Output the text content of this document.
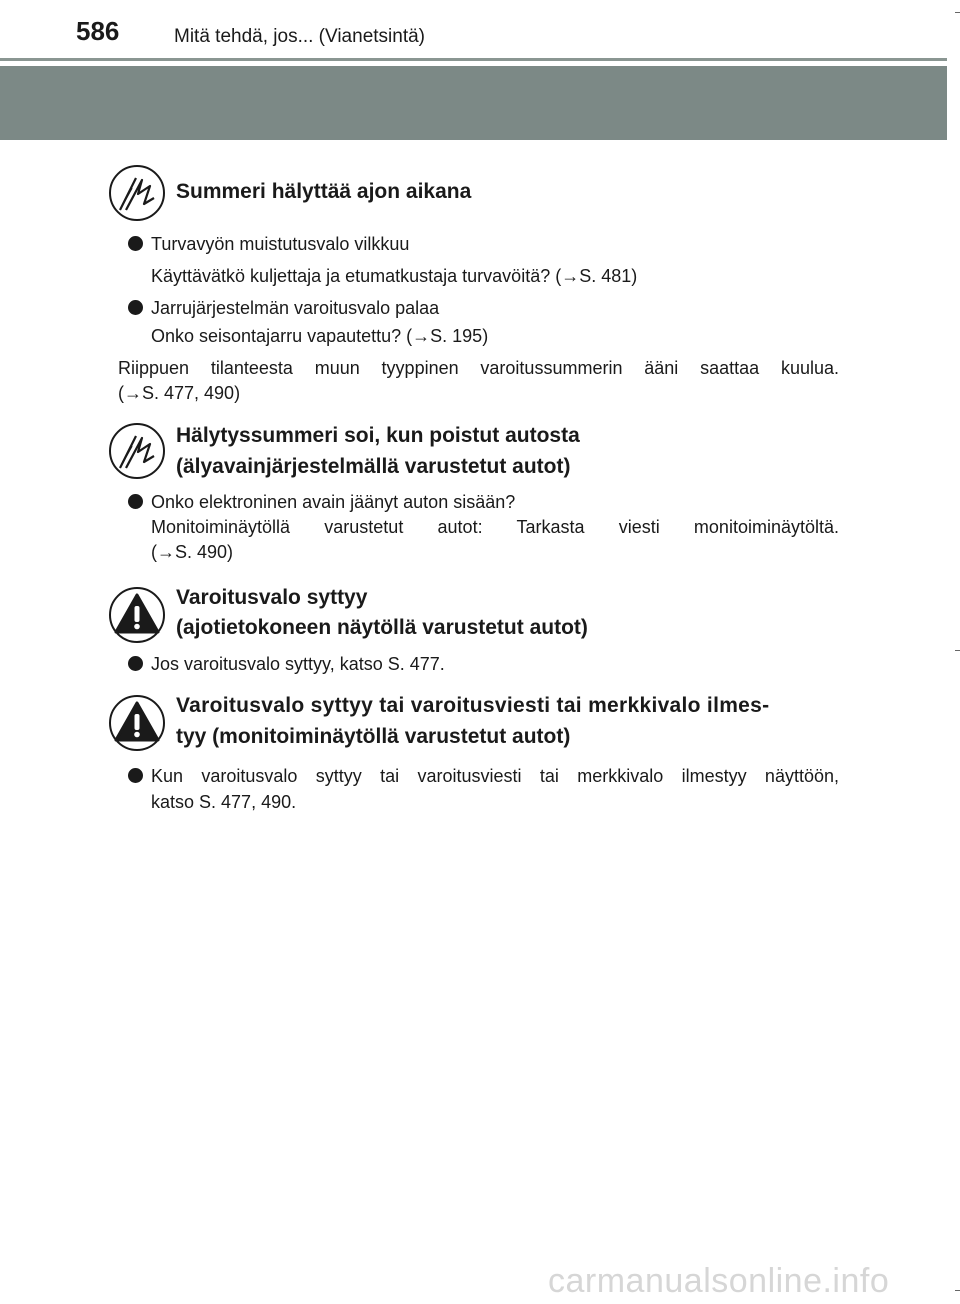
586	Mitä tehdä, jos... (Vianetsintä)
Summeri hälyttää ajon aikana
Turvavyön muistutusvalo vilkkuu
Käyttävätkö kuljettaja ja etumatkustaja turvavöitä? (→S. 481)
Jarrujärjestelmän varoitusvalo palaa
Onko seisontajarru vapautettu? (→S. 195)
Riippuen tilanteesta muun tyyppinen varoitussummerin ääni saattaa kuulua.
(→S. 477, 490)
Hälytyssummeri soi, kun poistut autosta
(älyavainjärjestelmällä varustetut autot)
Onko elektroninen avain jäänyt auton sisään?
Monitoiminäytöllä varustetut autot: Tarkasta viesti monitoiminäytöltä.
(→S. 490)
Varoitusvalo syttyy
(ajotietokoneen näytöllä varustetut autot)
Jos varoitusvalo syttyy, katso S. 477.
Varoitusvalo syttyy tai varoitusviesti tai merkkivalo ilmes-
tyy (monitoiminäytöllä varustetut autot)
Kun varoitusvalo syttyy tai varoitusviesti tai merkkivalo ilmestyy näyttöön,
katso S. 477, 490.
carmanualsonline.info
